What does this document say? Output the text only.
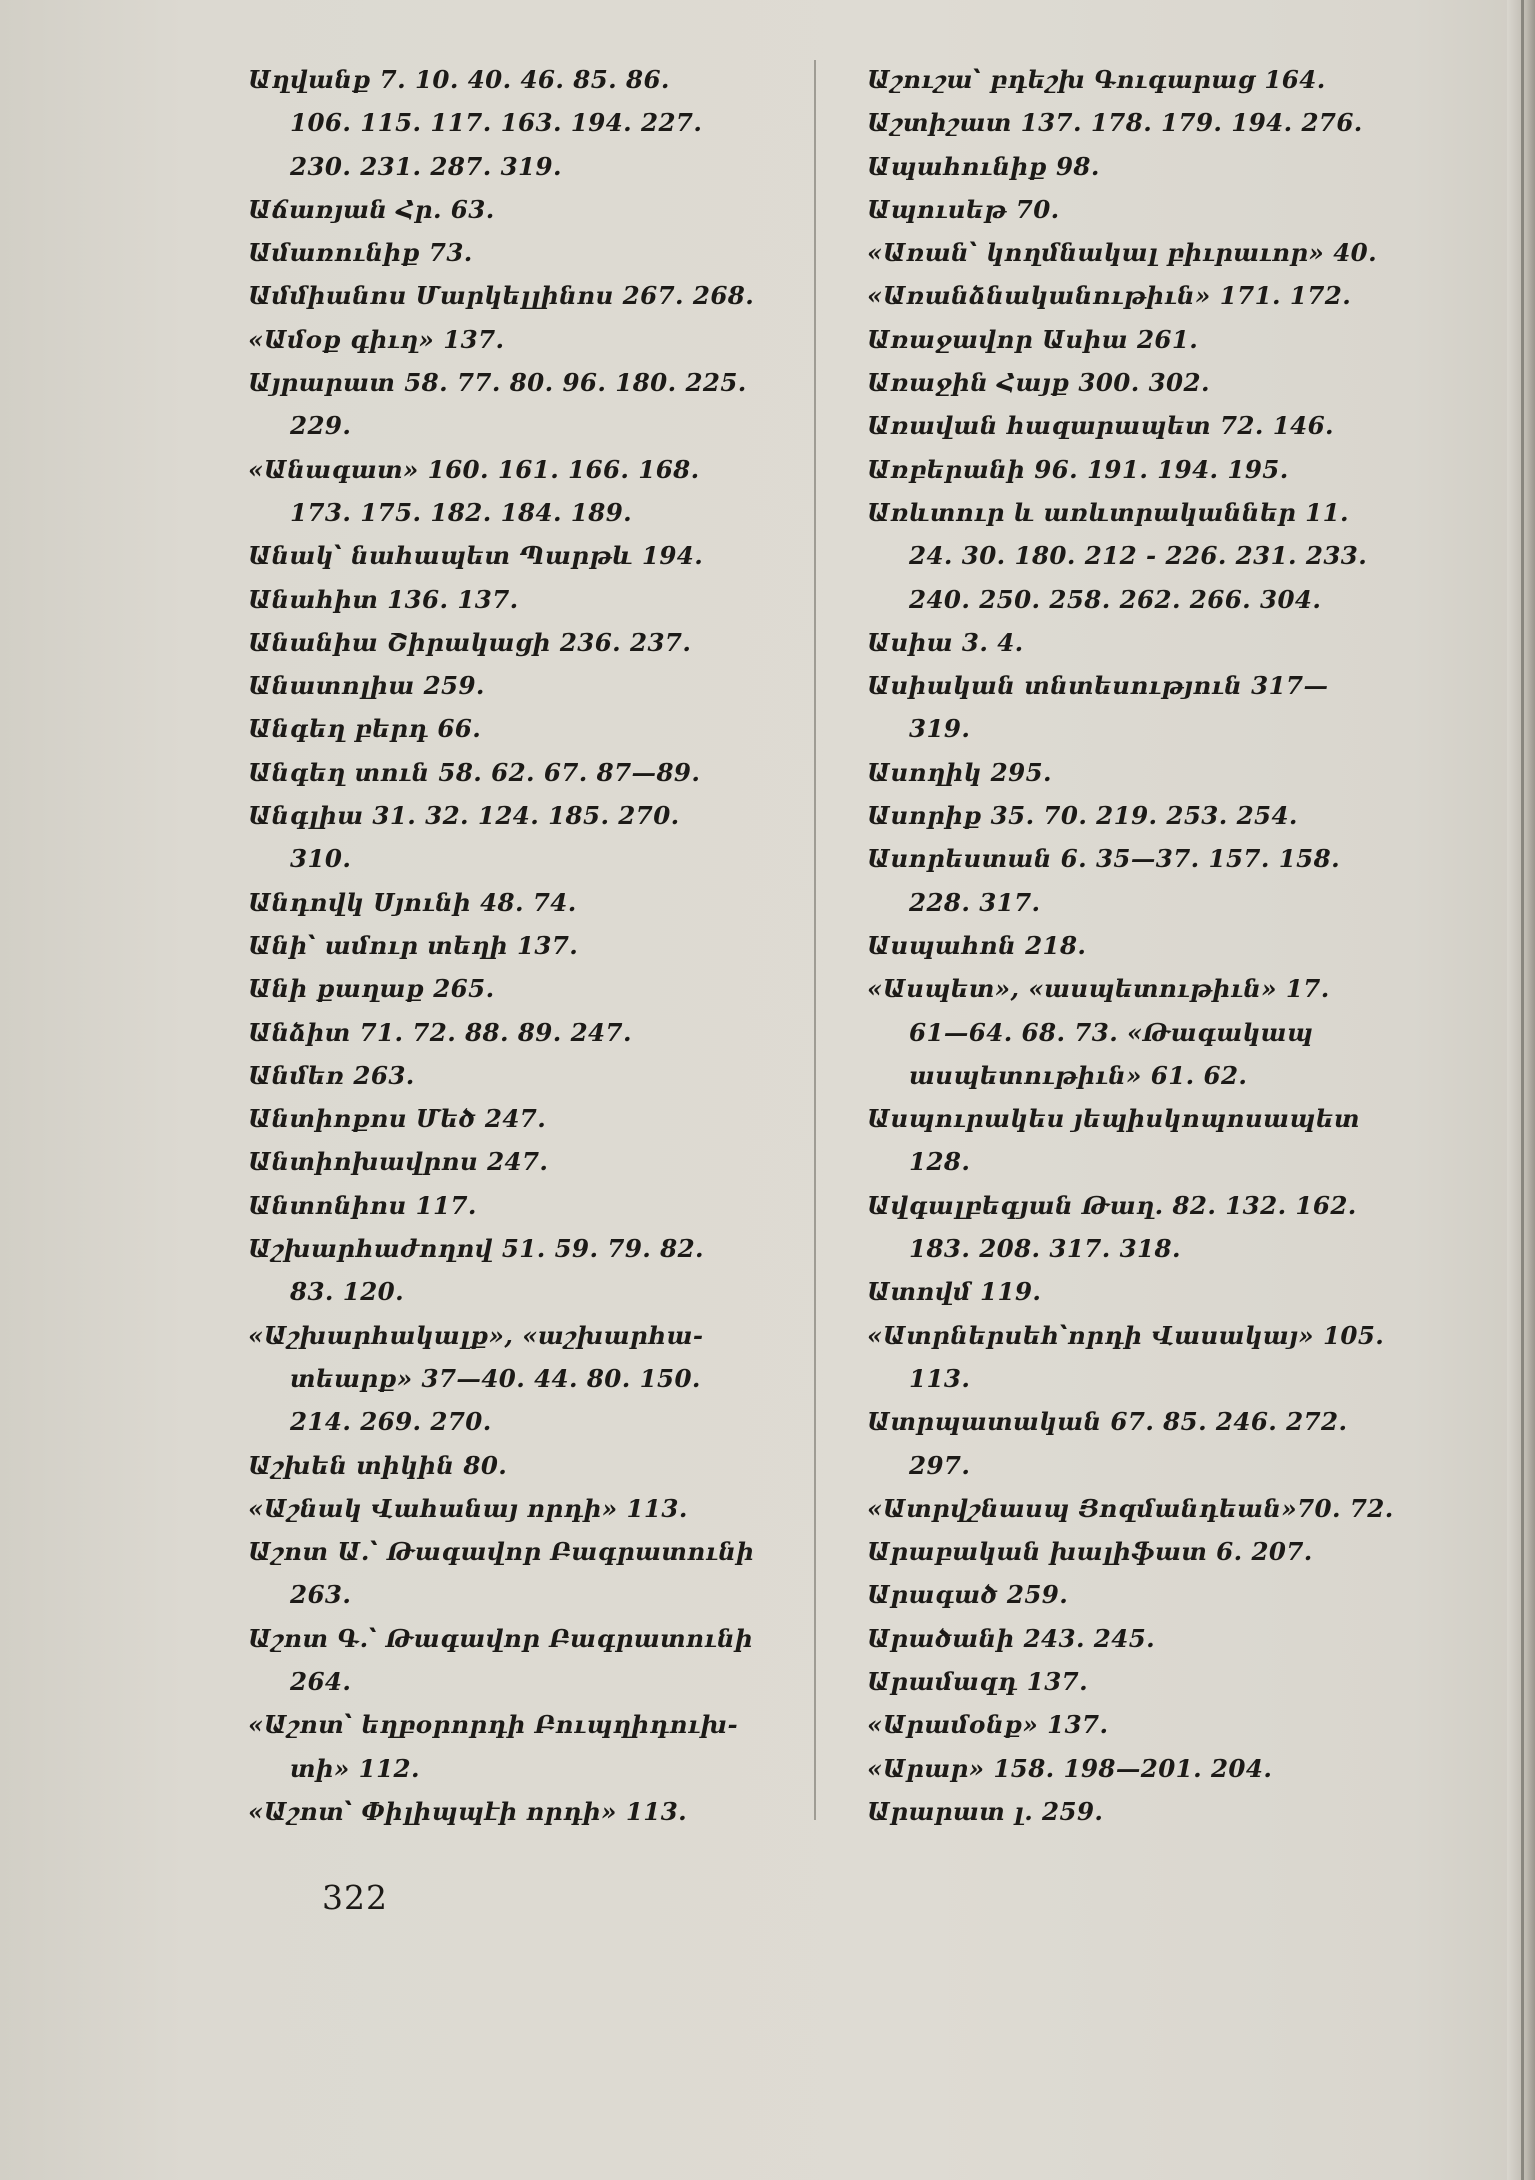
Աղվանք 7. 10. 40. 46. 85. 86.
106. 115. 117. 163. 194. 227.
230. 231. 287. 319.
Աճառյան Հր. 63.
Ամառունիք 73.
Ամմիանոս Մարկելլինոս 267. 268.
«Ամօք գիւղ» 137.
Այրարատ 58. 77. 80. 96. 180. 225.
229.
«Անագատ» 160. 161. 166. 168.
173. 175. 182. 184. 189.
Անակ՝ նահապետ Պարթև 194.
Անահիտ 136. 137.
Անանիա Շիրակացի 236. 237.
Անատոլիա 259.
Անգեղ բերդ 66.
Անգեղ տուն 58. 62. 67. 87—89.
Անգլիա 31. 32. 124. 185. 270.
310.
Անդովկ Սյունի 48. 74.
Անի՝ ամուր տեղի 137.
Անի քաղաք 265.
Անձիտ 71. 72. 88. 89. 247.
Անմեռ 263.
Անտիոքոս Մեծ 247.
Անտիոխավրոս 247.
Անտոնիոս 117.
Աշխարհաժողով 51. 59. 79. 82.
83. 120.
«Աշխարհակալք», «աշխարհա-
տեարք» 37—40. 44. 80. 150.
214. 269. 270.
Աշխեն տիկին 80.
«Աշնակ Վահանայ որդի» 113.
Աշոտ Ա.՝ Թագավոր Բագրատունի
263.
Աշոտ Գ.՝ Թագավոր Բագրատունի
264.
«Աշոտ՝ եղբօրորդի Բուպղիդուխ-
տի» 112.
«Աշոտ՝ Փիլիպպէի որդի» 113.
Աշուշա՝ բդեշխ Գուգարաց 164.
Աշտիշատ 137. 178. 179. 194. 276.
Ապահունիք 98.
Ապուսեթ 70.
«Առան՝ կողմնակալ բիւրաւոր» 40.
«Առանձնականութիւն» 171. 172.
Առաջավոր Ասիա 261.
Առաջին Հայք 300. 302.
Առավան հազարապետ 72. 146.
Առբերանի 96. 191. 194. 195.
Առևտուր և առևտրականներ 11.
24. 30. 180. 212 - 226. 231. 233.
240. 250. 258. 262. 266. 304.
Ասիա 3. 4.
Ասիական տնտեսություն 317—
319.
Ասողիկ 295.
Ասորիք 35. 70. 219. 253. 254.
Ասորեստան 6. 35—37. 157. 158.
228. 317.
Ասպահոն 218.
«Ասպետ», «ասպետութիւն» 17.
61—64. 68. 73. «Թագակապ
ասպետութիւն» 61. 62.
Ասպուրակես յեպիսկոպոսապետ
128.
Ավգալբեգյան Թաղ. 82. 132. 162.
183. 208. 317. 318.
Ատովմ 119.
«Ատրներսեհ՝որդի Վասակայ» 105.
113.
Ատրպատական 67. 85. 246. 272.
297.
«Ատրվշնասպ Յոզմանդեան»70. 72.
Արաբական խալիֆատ 6. 207.
Արագած 259.
Արածանի 243. 245.
Արամազդ 137.
«Արամօնք» 137.
«Արար» 158. 198—201. 204.
Արարատ լ. 259.
322
